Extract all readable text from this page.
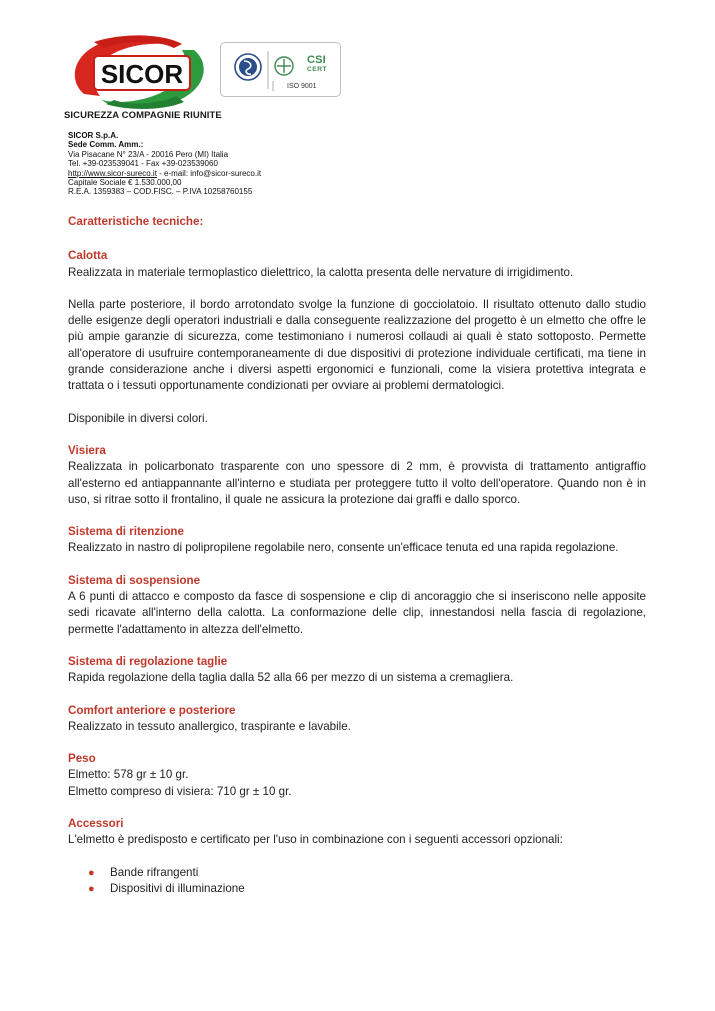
SICOR
SICUREZZA COMPAGNIE RIUNITE
CSI
CERT
ISO 9001
SICOR S.p.A.
Sede Comm. Amm.:
Via Pisacane N° 23/A - 20016 Pero (MI) Italia
Tel. +39-023539041 - Fax +39-023539060
http://www.sicor-sureco.it - e-mail: info@sicor-sureco.it
Capitale Sociale € 1.530.000,00
R.E.A. 1359383 – COD.FISC. – P.IVA 10258760155
Caratteristiche tecniche:
Calotta
Realizzata in materiale termoplastico dielettrico, la calotta presenta delle nervature di irrigidimento.
Nella parte posteriore, il bordo arrotondato svolge la funzione di gocciolatoio. Il risultato ottenuto dallo studio delle esigenze degli operatori industriali e dalla conseguente realizzazione del progetto è un elmetto che offre le più ampie garanzie di sicurezza, come testimoniano i numerosi collaudi ai quali è stato sottoposto. Permette all'operatore di usufruire contemporaneamente di due dispositivi di protezione individuale certificati, ma tiene in grande considerazione anche i diversi aspetti ergonomici e funzionali, come la visiera protettiva integrata e trattata o i tessuti opportunamente condizionati per ovviare ai problemi dermatologici.
Disponibile in diversi colori.
Visiera
Realizzata in policarbonato trasparente con uno spessore di 2 mm, è provvista di trattamento antigraffio all'esterno ed antiappannante all'interno e studiata per proteggere tutto il volto dell'operatore. Quando non è in uso, si ritrae sotto il frontalino, il quale ne assicura la protezione dai graffi e dallo sporco.
Sistema di ritenzione
Realizzato in nastro di polipropilene regolabile nero, consente un'efficace tenuta ed una rapida regolazione.
Sistema di sospensione
A 6 punti di attacco e composto da fasce di sospensione e clip di ancoraggio che si inseriscono nelle apposite sedi ricavate all'interno della calotta. La conformazione delle clip, innestandosi nella fascia di regolazione, permette l'adattamento in altezza dell'elmetto.
Sistema di regolazione taglie
Rapida regolazione della taglia dalla 52 alla 66 per mezzo di un sistema a cremagliera.
Comfort anteriore e posteriore
Realizzato in tessuto anallergico, traspirante e lavabile.
Peso
Elmetto: 578 gr ± 10 gr.
Elmetto compreso di visiera: 710 gr ± 10 gr.
Accessori
L'elmetto è predisposto e certificato per l'uso in combinazione con i seguenti accessori opzionali:
● Bande rifrangenti
● Dispositivi di illuminazione
